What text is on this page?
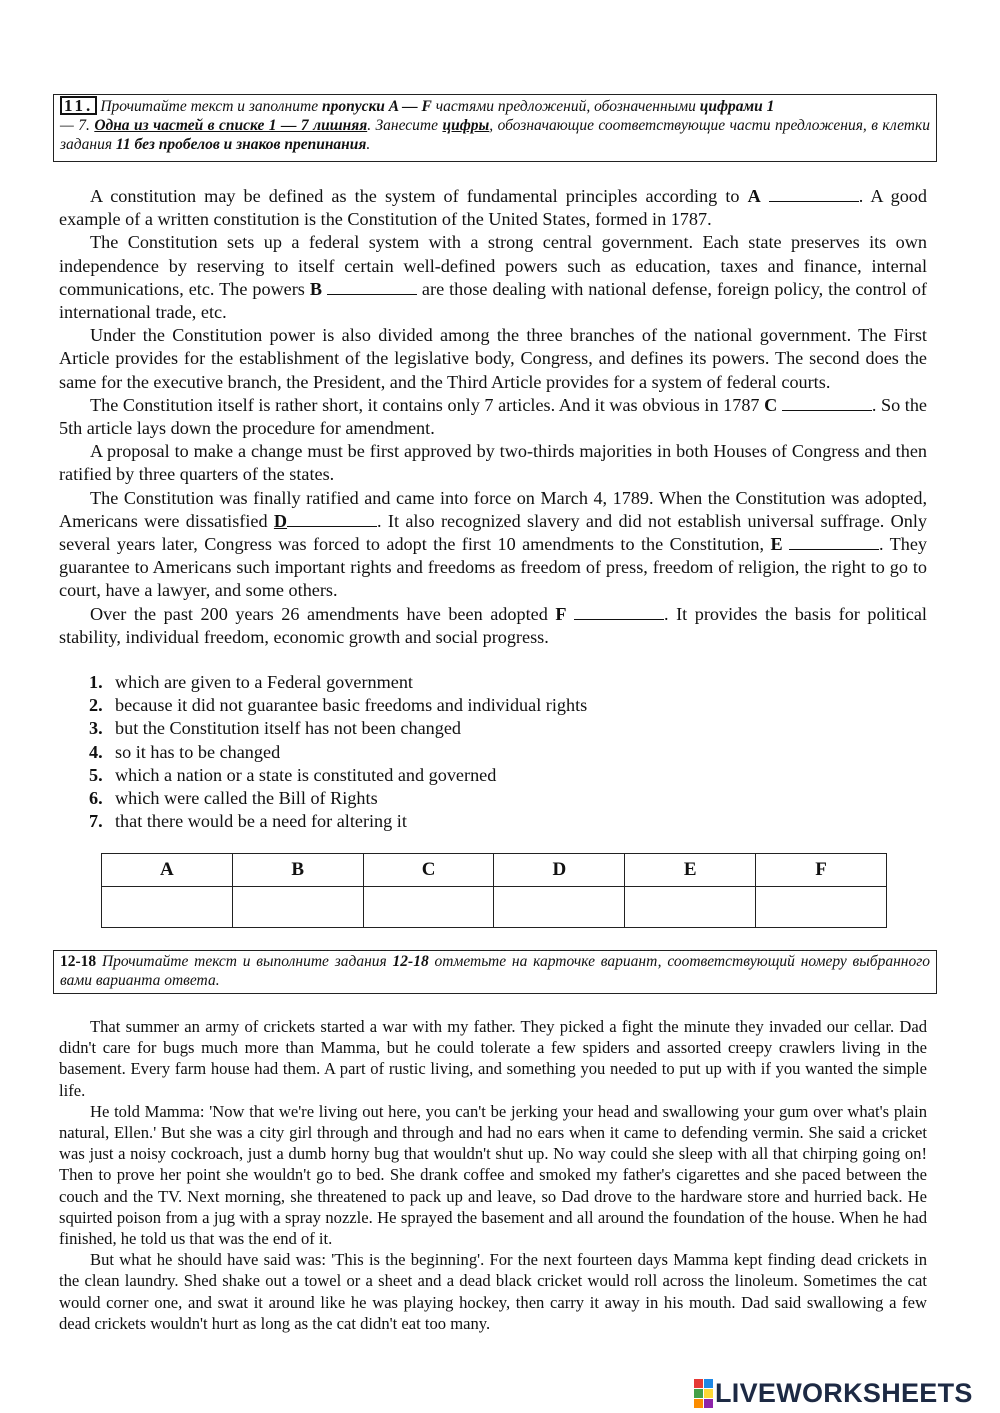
11. Прочитайте текст и заполните пропуски A — F частями предложений, обозначенными цифрами 1
— 7. Одна из частей в списке 1 — 7 лишняя. Занесите цифры, обозначающие соответствующие части предложения, в клетки задания 11 без пробелов и знаков препинания.

A constitution may be defined as the system of fundamental principles according to A	. A good example of a written constitution is the Constitution of the United States, formed in 1787.

The Constitution sets up a federal system with a strong central government. Each state preserves its own independence by reserving to itself certain well-defined powers such as education, taxes and finance, internal communications, etc. The powers B	are those dealing with national defense, foreign policy, the control of international trade, etc.

Under the Constitution power is also divided among the three branches of the national government. The First Article provides for the establishment of the legislative body, Congress, and defines its powers. The second does the same for the executive branch, the President, and the Third Article provides for a system of federal courts.

The Constitution itself is rather short, it contains only 7 articles. And it was obvious in 1787 C	. So the 5th article lays down the procedure for amendment.

A proposal to make a change must be first approved by two-thirds majorities in both Houses of Congress and then ratified by three quarters of the states.

The Constitution was finally ratified and came into force on March 4, 1789. When the Constitution was adopted, Americans were dissatisfied D	. It also recognized slavery and did not establish universal suffrage. Only several years later, Congress was forced to adopt the first 10 amendments to the Constitution, E	. They guarantee to Americans such important rights and freedoms as freedom of press, freedom of religion, the right to go to court, have a lawyer, and some others.

Over the past 200 years 26 amendments have been adopted F	. It provides the basis for political stability, individual freedom, economic growth and social progress.

1. which are given to a Federal government
2. because it did not guarantee basic freedoms and individual rights
3. but the Constitution itself has not been changed
4. so it has to be changed
5. which a nation or a state is constituted and governed
6. which were called the Bill of Rights
7. that there would be a need for altering it
A	B	C	D	E	F

12-18 Прочитайте текст и выполните задания 12-18 отметьте на карточке вариант, соответствующий номеру выбранного вами варианта ответа.

That summer an army of crickets started a war with my father. They picked a fight the minute they invaded our cellar. Dad didn't care for bugs much more than Mamma, but he could tolerate a few spiders and assorted creepy crawlers living in the basement. Every farm house had them. A part of rustic living, and something you needed to put up with if you wanted the simple life.

He told Mamma: 'Now that we're living out here, you can't be jerking your head and swallowing your gum over what's plain natural, Ellen.' But she was a city girl through and through and had no ears when it came to defending vermin. She said a cricket was just a noisy cockroach, just a dumb horny bug that wouldn't shut up. No way could she sleep with all that chirping going on! Then to prove her point she wouldn't go to bed. She drank coffee and smoked my father's cigarettes and she paced between the couch and the TV. Next morning, she threatened to pack up and leave, so Dad drove to the hardware store and hurried back. He squirted poison from a jug with a spray nozzle. He sprayed the basement and all around the foundation of the house. When he had finished, he told us that was the end of it.

But what he should have said was: 'This is the beginning'. For the next fourteen days Mamma kept finding dead crickets in the clean laundry. Shed shake out a towel or a sheet and a dead black cricket would roll across the linoleum. Sometimes the cat would corner one, and swat it around like he was playing hockey, then carry it away in his mouth. Dad said swallowing a few dead crickets wouldn't hurt as long as the cat didn't eat too many.

LIVEWORKSHEETS
